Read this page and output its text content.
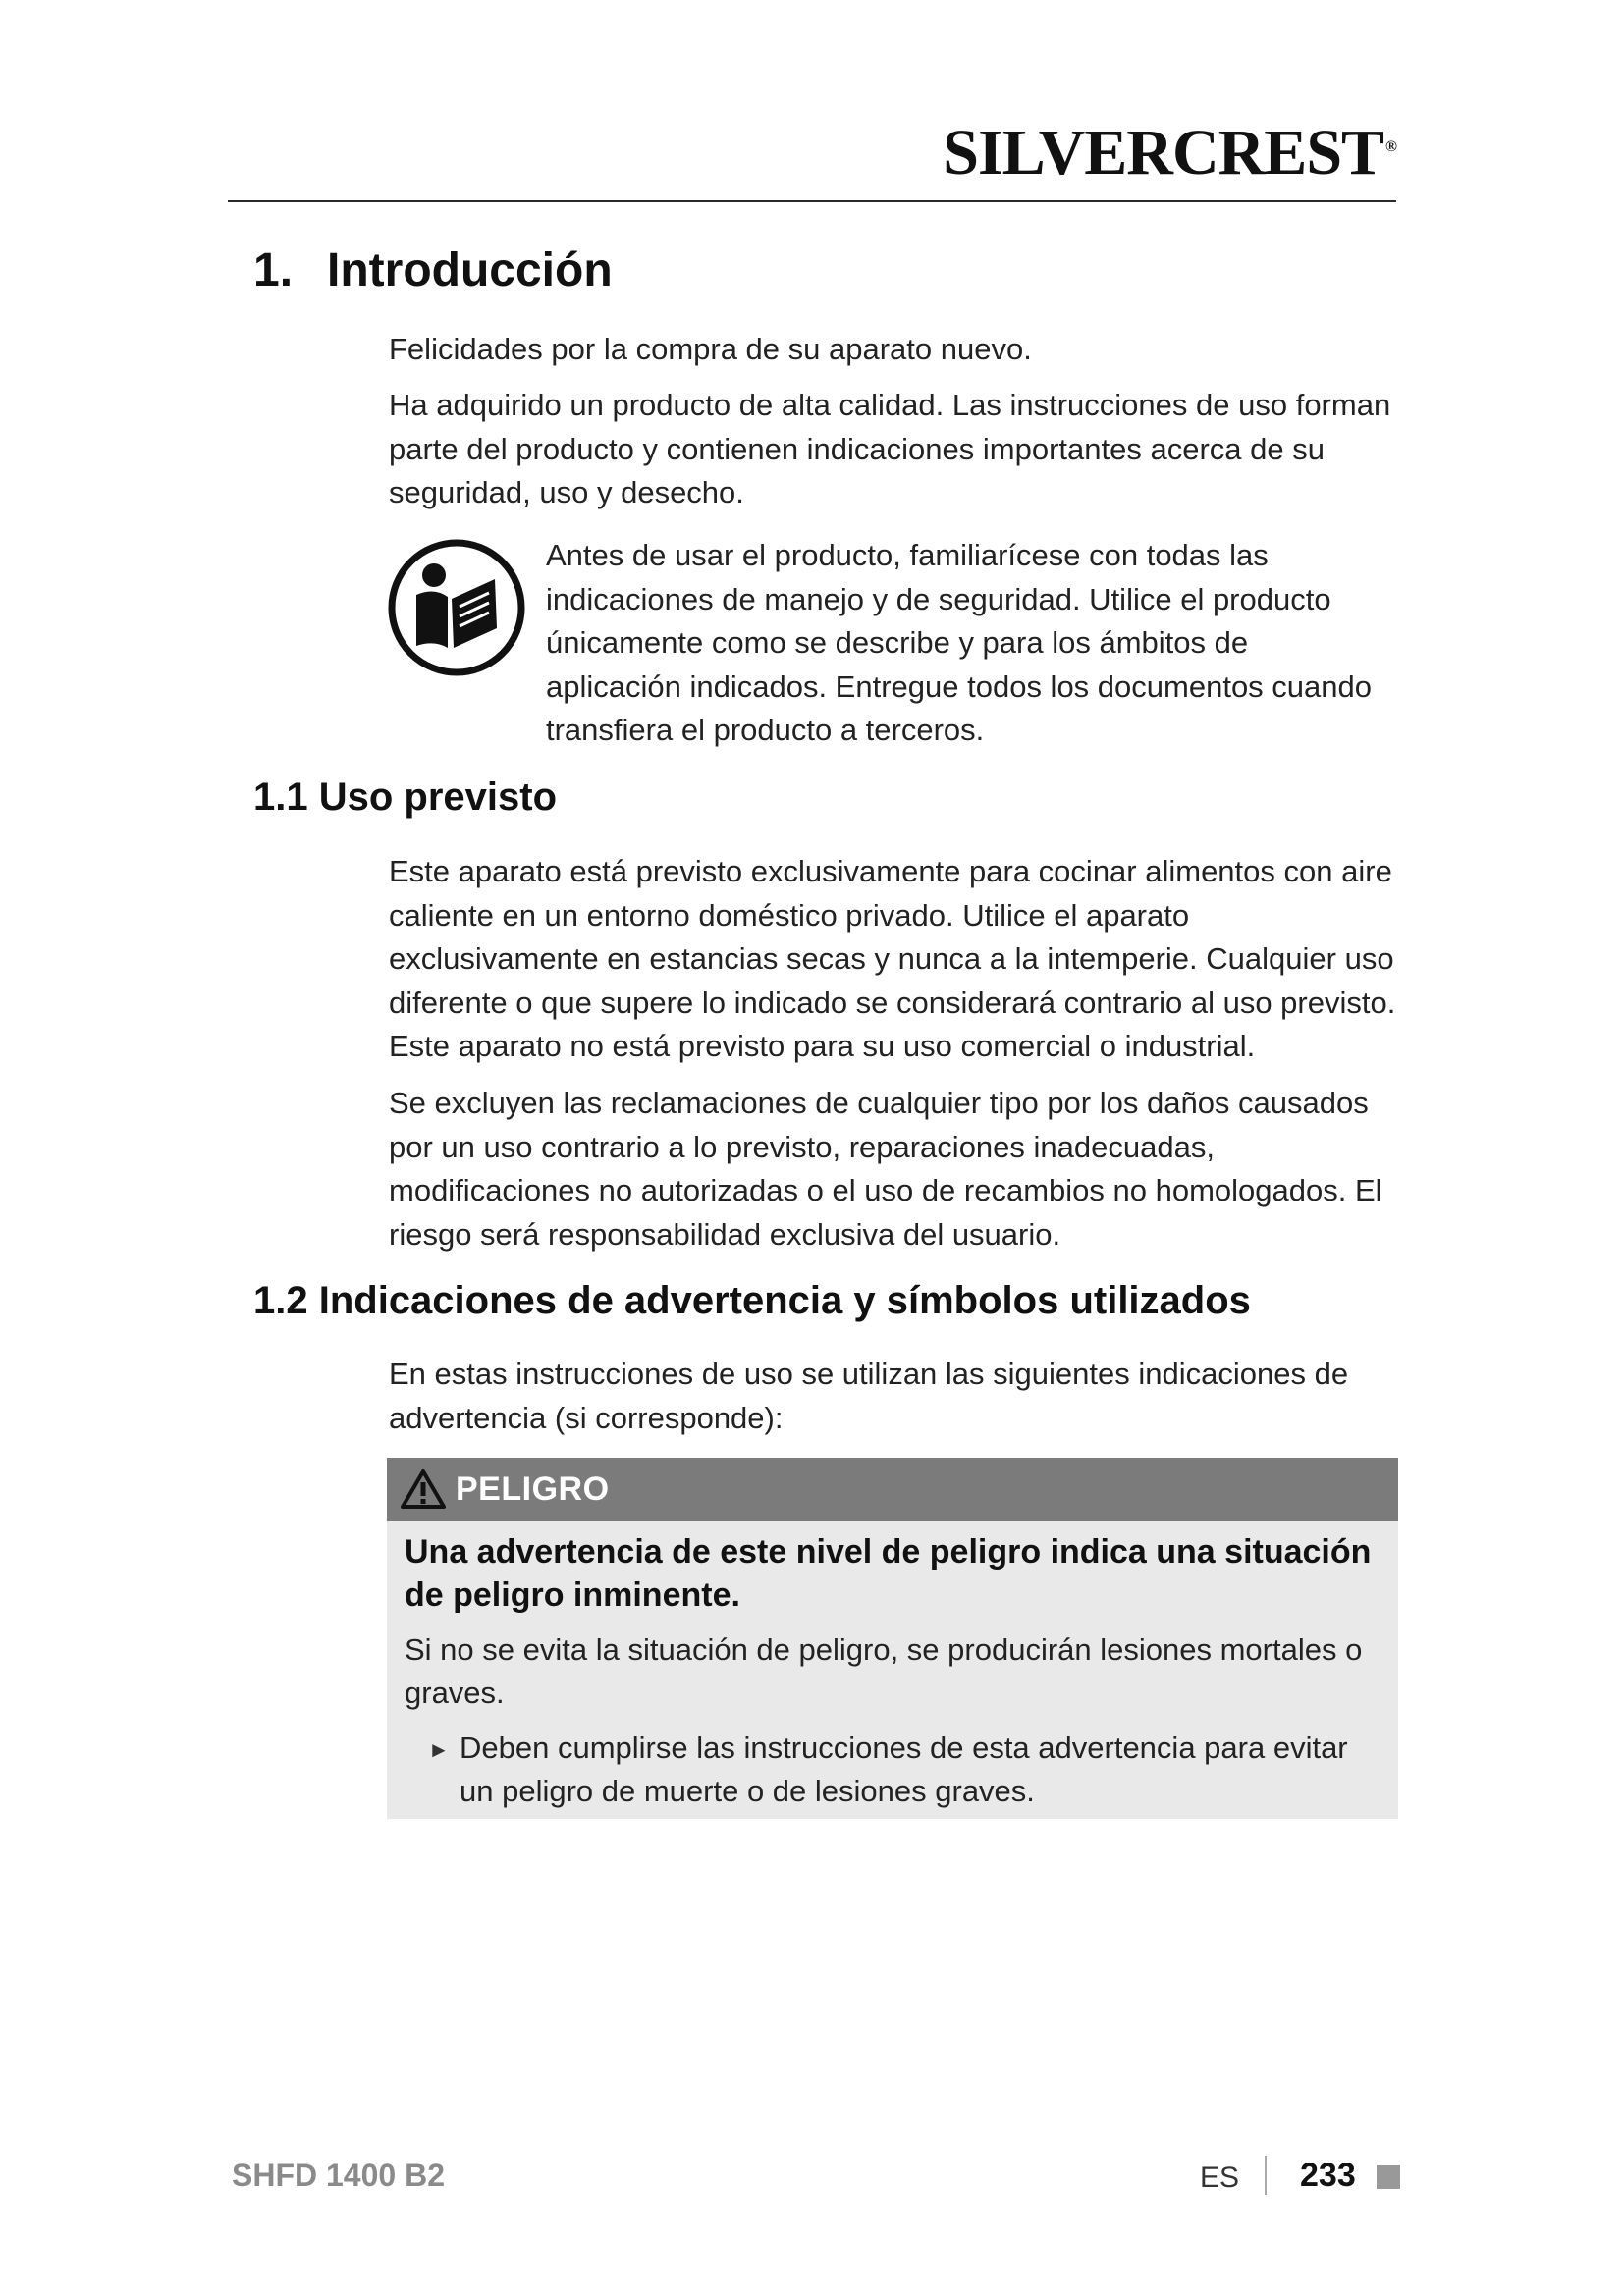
SILVERCREST ®
1. Introducción

Felicidades por la compra de su aparato nuevo.

Ha adquirido un producto de alta calidad. Las instrucciones de uso forman parte del producto y contienen indicaciones importantes acerca de su seguridad, uso y desecho.

Antes de usar el producto, familiarícese con todas las indicaciones de manejo y de seguridad. Utilice el producto únicamente como se describe y para los ámbitos de aplicación indicados. Entregue todos los documentos cuando transfiera el producto a terceros.

1.1 Uso previsto

Este aparato está previsto exclusivamente para cocinar alimentos con aire caliente en un entorno doméstico privado. Utilice el aparato exclusivamente en estancias secas y nunca a la intemperie. Cualquier uso diferente o que supere lo indicado se considerará contrario al uso previsto. Este aparato no está previsto para su uso comercial o industrial.

Se excluyen las reclamaciones de cualquier tipo por los daños causados por un uso contrario a lo previsto, reparaciones inadecuadas, modificaciones no autorizadas o el uso de recambios no homologados. El riesgo será responsabilidad exclusiva del usuario.

1.2 Indicaciones de advertencia y símbolos utilizados

En estas instrucciones de uso se utilizan las siguientes indicaciones de advertencia (si corresponde):

PELIGRO
Una advertencia de este nivel de peligro indica una situación de peligro inminente.
Si no se evita la situación de peligro, se producirán lesiones mortales o graves.
► Deben cumplirse las instrucciones de esta advertencia para evitar un peligro de muerte o de lesiones graves.
SHFD 1400 B2	ES 233
